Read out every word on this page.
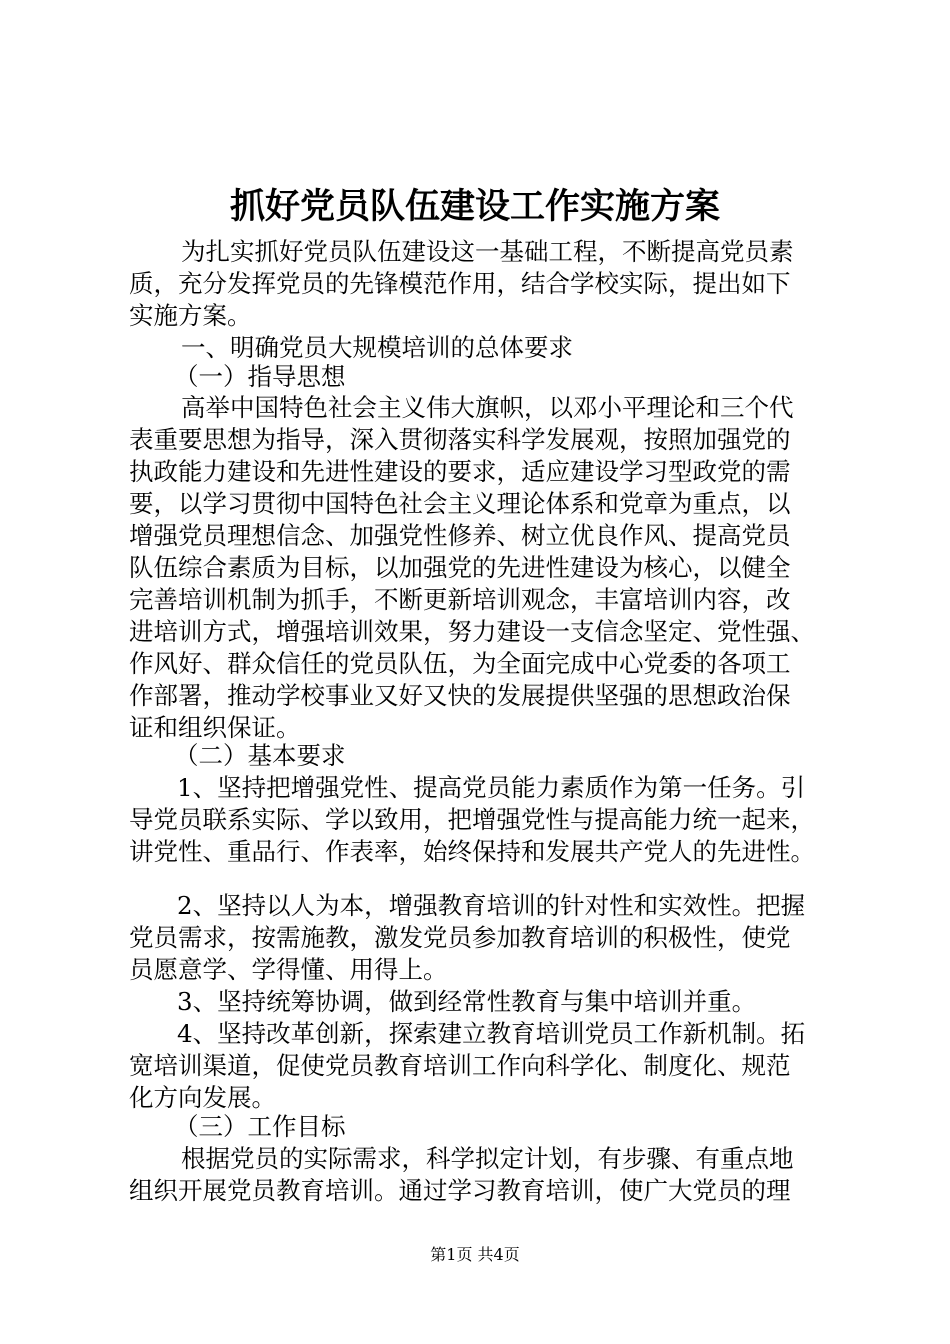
抓好党员队伍建设工作实施方案
为扎实抓好党员队伍建设这一基础工程，不断提高党员素
质，充分发挥党员的先锋模范作用，结合学校实际，提出如下
实施方案。
一、明确党员大规模培训的总体要求
（一）指导思想
高举中国特色社会主义伟大旗帜，以邓小平理论和三个代
表重要思想为指导，深入贯彻落实科学发展观，按照加强党的
执政能力建设和先进性建设的要求，适应建设学习型政党的需
要，以学习贯彻中国特色社会主义理论体系和党章为重点，以
增强党员理想信念、加强党性修养、树立优良作风、提高党员
队伍综合素质为目标，以加强党的先进性建设为核心，以健全
完善培训机制为抓手，不断更新培训观念，丰富培训内容，改
进培训方式，增强培训效果，努力建设一支信念坚定、党性强、
作风好、群众信任的党员队伍，为全面完成中心党委的各项工
作部署，推动学校事业又好又快的发展提供坚强的思想政治保
证和组织保证。
（二）基本要求
1、坚持把增强党性、提高党员能力素质作为第一任务。引
导党员联系实际、学以致用，把增强党性与提高能力统一起来，
讲党性、重品行、作表率，始终保持和发展共产党人的先进性。
2、坚持以人为本，增强教育培训的针对性和实效性。把握
党员需求，按需施教，激发党员参加教育培训的积极性，使党
员愿意学、学得懂、用得上。
3、坚持统筹协调，做到经常性教育与集中培训并重。
4、坚持改革创新，探索建立教育培训党员工作新机制。拓
宽培训渠道，促使党员教育培训工作向科学化、制度化、规范
化方向发展。
（三）工作目标
根据党员的实际需求，科学拟定计划，有步骤、有重点地
组织开展党员教育培训。通过学习教育培训，使广大党员的理
第1页 共4页
